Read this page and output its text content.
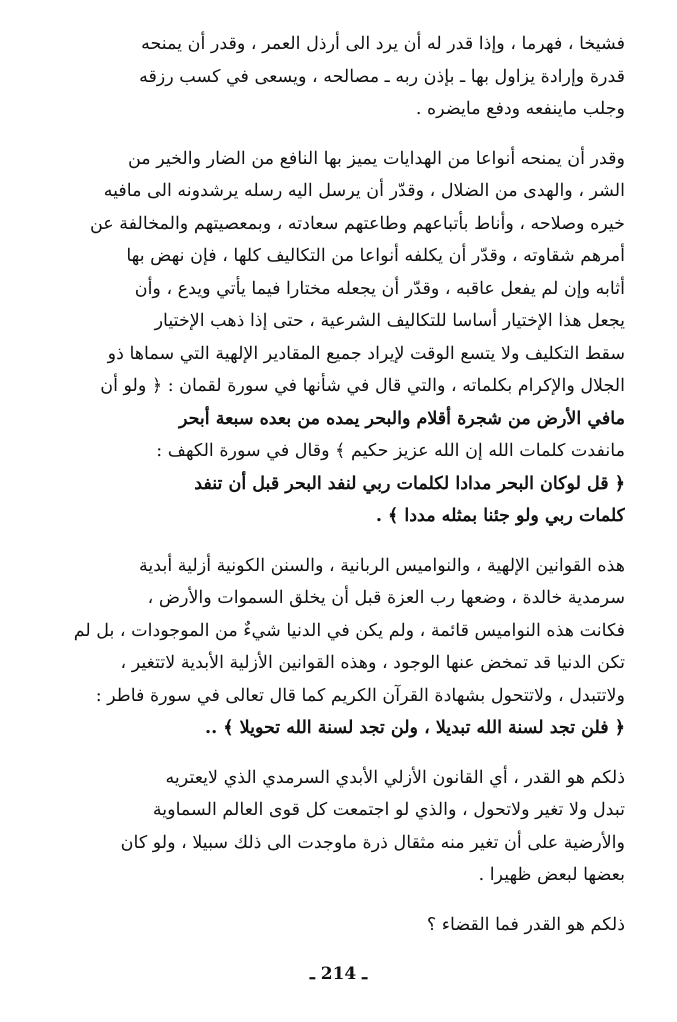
فشيخا ، فهرما ، وإذا قدر له أن يرد الى أرذل العمر ، وقدر أن يمنحه
قدرة وإرادة يزاول بها ـ بإذن ربه ـ مصالحه ، ويسعى في كسب رزقه
وجلب ماينفعه ودفع مايضره .

وقدر أن يمنحه أنواعا من الهدايات يميز بها النافع من الضار والخير من
الشر ، والهدى من الضلال ، وقدّر أن يرسل اليه رسله يرشدونه الى مافيه
خيره وصلاحه ، وأناط بأتباعهم وطاعتهم سعادته ، وبمعصيتهم والمخالفة عن
أمرهم شقاوته ، وقدّر أن يكلفه أنواعا من التكاليف كلها ، فإن نهض بها
أثابه وإن لم يفعل عاقبه ، وقدّر أن يجعله مختارا فيما يأتي ويدع ، وأن
يجعل هذا الإختيار أساسا للتكاليف الشرعية ، حتى إذا ذهب الإختيار
سقط التكليف ولا يتسع الوقت لإيراد جميع المقادير الإلهية التي سماها ذو
الجلال والإكرام بكلماته ، والتي قال في شأنها في سورة لقمان : ﴿ ولو أن
مافي الأرض من شجرة أقلام والبحر يمده من بعده سبعة أبحر
مانفدت كلمات الله إن الله عزيز حكيم ﴾ وقال في سورة الكهف :
﴿ قل لوكان البحر مدادا لكلمات ربي لنفد البحر قبل أن تنفد
كلمات ربي ولو جئنا بمثله مددا ﴾ .

هذه القوانين الإلهية ، والنواميس الربانية ، والسنن الكونية أزلية أبدية
سرمدية خالدة ، وضعها رب العزة قبل أن يخلق السموات والأرض ،
فكانت هذه النواميس قائمة ، ولم يكن في الدنيا شيءٌ من الموجودات ، بل لم
تكن الدنيا قد تمخض عنها الوجود ، وهذه القوانين الأزلية الأبدية لاتتغير ،
ولاتتبدل ، ولاتتحول بشهادة القرآن الكريم كما قال تعالى في سورة فاطر :
﴿ فلن تجد لسنة الله تبديلا ، ولن تجد لسنة الله تحويلا ﴾ ..

ذلكم هو القدر ، أي القانون الأزلي الأبدي السرمدي الذي لايعتريه
تبدل ولا تغير ولاتحول ، والذي لو اجتمعت كل قوى العالم السماوية
والأرضية على أن تغير منه مثقال ذرة ماوجدت الى ذلك سبيلا ، ولو كان
بعضها لبعض ظهيرا .

ذلكم هو القدر فما القضاء ؟

ـ 214 ـ
